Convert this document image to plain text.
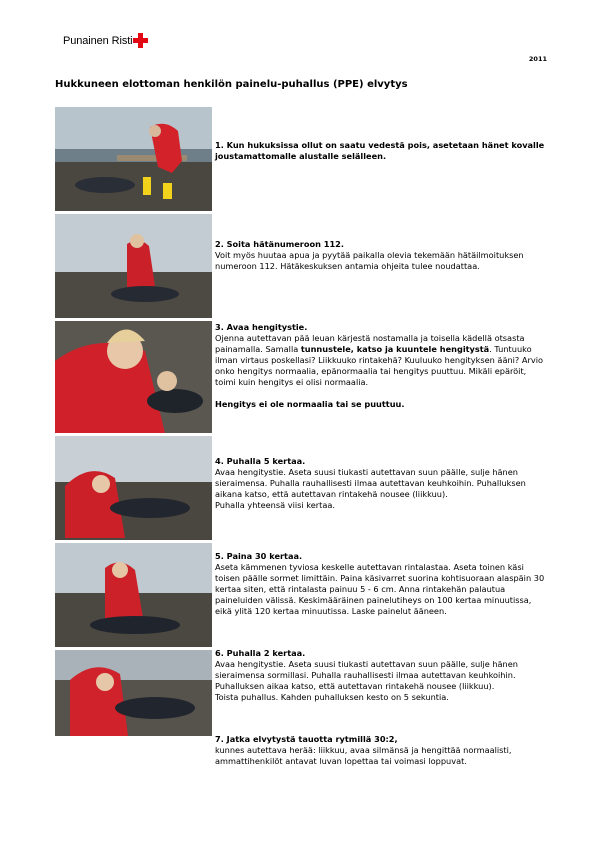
Punainen Risti
2011
Hukkuneen elottoman henkilön painelu-puhallus (PPE) elvytys

1. Kun hukuksissa ollut on saatu vedestä pois, asetetaan hänet kovalle joustamattomalle alustalle selälleen.

2. Soita hätänumeroon 112.

Voit myös huutaa apua ja pyytää paikalla olevia tekemään hätäilmoituksen numeroon 112. Hätäkeskuksen antamia ohjeita tulee noudattaa.

3. Avaa hengitystie.

Ojenna autettavan pää leuan kärjestä nostamalla ja toisella kädellä otsasta painamalla. Samalla tunnustele, katso ja kuuntele hengitystä. Tuntuuko ilman virtaus poskellasi? Liikkuuko rintakehä? Kuuluuko hengityksen ääni? Arvio onko hengitys normaalia, epänormaalia tai hengitys puuttuu. Mikäli epäröit, toimi kuin hengitys ei olisi normaalia.

Hengitys ei ole normaalia tai se puuttuu.

4. Puhalla 5 kertaa.

Avaa hengitystie. Aseta suusi tiukasti autettavan suun päälle, sulje hänen sieraimensa. Puhalla rauhallisesti ilmaa autettavan keuhkoihin. Puhalluksen aikana katso, että autettavan rintakehä nousee (liikkuu).

Puhalla yhteensä viisi kertaa.

5. Paina 30 kertaa.

Aseta kämmenen tyviosa keskelle autettavan rintalastaa. Aseta toinen käsi toisen päälle sormet limittäin. Paina käsivarret suorina kohtisuoraan alaspäin 30 kertaa siten, että rintalasta painuu 5 - 6 cm. Anna rintakehän palautua paineluiden välissä. Keskimääräinen painelutiheys on 100 kertaa minuutissa, eikä ylitä 120 kertaa minuutissa. Laske painelut ääneen.

6. Puhalla 2 kertaa.

Avaa hengitystie. Aseta suusi tiukasti autettavan suun päälle, sulje hänen sieraimensa sormillasi. Puhalla rauhallisesti ilmaa autettavan keuhkoihin. Puhalluksen aikaa katso, että autettavan rintakehä nousee (liikkuu).

Toista puhallus. Kahden puhalluksen kesto on 5 sekuntia.

7. Jatka elvytystä tauotta rytmillä 30:2,

kunnes autettava herää: liikkuu, avaa silmänsä ja hengittää normaalisti, ammattihenkilöt antavat luvan lopettaa tai voimasi loppuvat.
